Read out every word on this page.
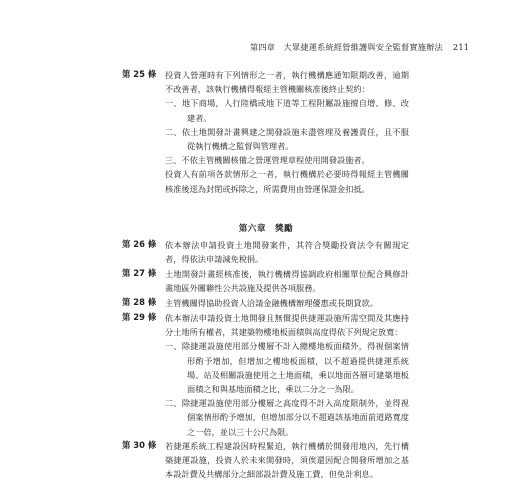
第四章　大眾捷運系統經營維護與安全監督實施辦法 211
第 25 條 投資人營運時有下列情形之一者，執行機構應通知限期改善，逾期不改善者，該執行機構得報經主管機關核准後終止契約：

一、地下商場，人行陸橋或地下道等工程附屬設施擅自增、修、改建者。
二、依土地開發計畫興建之開發設施未盡管理及養護責任，且不服從執行機構之監督與管理者。
三、不依主管機關核備之營運管理章程使用開發設施者。

投資人有前項各款情形之一者，執行機構於必要時得報經主管機關核准後逕為封閉或拆除之，所需費用由營運保證金扣抵。

第六章　獎勵
第 26 條 依本辦法申請投資土地開發案件，其符合獎勵投資法令有關規定者，得依法申請減免稅捐。

第 27 條 土地開發計畫經核准後，執行機構得協調政府相關單位配合興修計畫地區外關聯性公共設施及提供各項服務。

第 28 條 主管機關得協助投資人洽請金融機構辦理優惠或長期貸款。

第 29 條 依本辦法申請投資土地開發且無償提供捷運設施所需空間及其應持分土地所有權者，其建築物樓地板面積與高度得依下列規定放寬：

一、除捷運設施使用部分樓層不計入總樓地板面積外，得視個案情形酌予增加，但增加之樓地板面積，以不超過提供捷運系統場、站及相關設施使用之土地面積，乘以地面各層可建築地板面積之和與基地面積之比，乘以二分之一為限。
二、除捷運設施使用部分樓層之高度得不計入高度限制外，並得視個案情形酌予增加，但增加部分以不超過該基地面前道路寬度之一倍，並以三十公尺為限。
第 30 條 若捷運系統工程建設因時程緊迫，執行機構於開發用地內，先行構築捷運設施，投資人於未來開發時，須俟還因配合開發所增加之基本設計費及共構部分之細部設計費及施工費，但免計利息。
